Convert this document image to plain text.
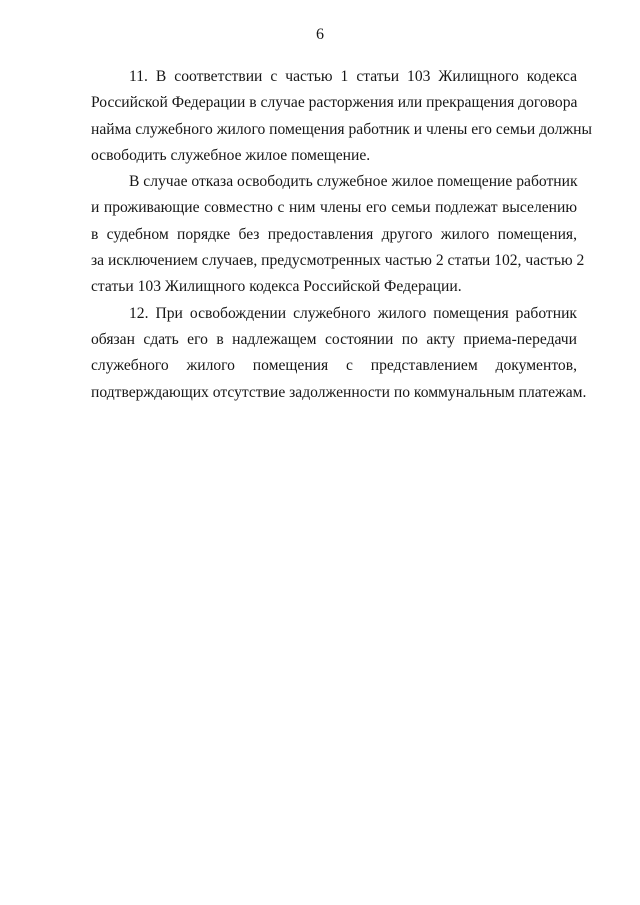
6
11. В соответствии с частью 1 статьи 103 Жилищного кодекса
Российской Федерации в случае расторжения или прекращения договора
найма служебного жилого помещения работник и члены его семьи должны
освободить служебное жилое помещение.
В случае отказа освободить служебное жилое помещение работник
и проживающие совместно с ним члены его семьи подлежат выселению
в судебном порядке без предоставления другого жилого помещения,
за исключением случаев, предусмотренных частью 2 статьи 102, частью 2
статьи 103 Жилищного кодекса Российской Федерации.
12. При освобождении служебного жилого помещения работник
обязан сдать его в надлежащем состоянии по акту приема-передачи
служебного жилого помещения с представлением документов,
подтверждающих отсутствие задолженности по коммунальным платежам.
